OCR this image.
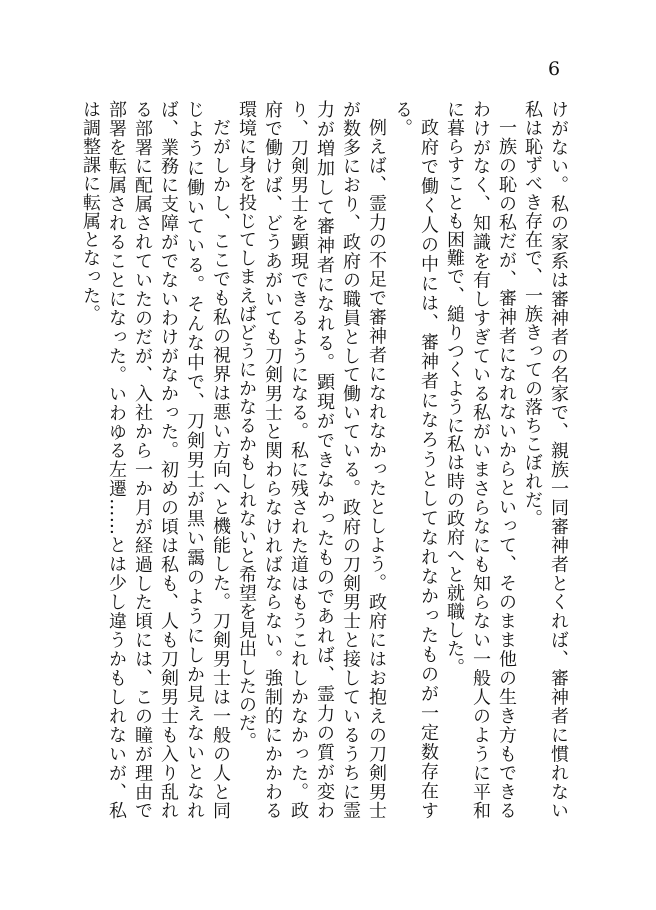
6

けがない。私の家系は審神者の名家で、親族一同審神者とくれば、審神者に慣れない私は恥ずべき存在で、一族きっての落ちこぼれだ。

一族の恥の私だが、審神者になれないからといって、そのまま他の生き方もできるわけがなく、知識を有しすぎている私がいまさらなにも知らない一般人のように平和に暮らすことも困難で、縋りつくように私は時の政府へと就職した。

政府で働く人の中には、審神者になろうとしてなれなかったものが一定数存在する。

例えば、霊力の不足で審神者になれなかったとしよう。政府にはお抱えの刀剣男士が数多におり、政府の職員として働いている。政府の刀剣男士と接しているうちに霊力が増加して審神者になれる。顕現ができなかったものであれば、霊力の質が変わり、刀剣男士を顕現できるようになる。私に残された道はもうこれしかなかった。政府で働けば、どうあがいても刀剣男士と関わらなければならない。強制的にかかわる環境に身を投じてしまえばどうにかなるかもしれないと希望を見出したのだ。

だがしかし、ここでも私の視界は悪い方向へと機能した。刀剣男士は一般の人と同じように働いている。そんな中で、刀剣男士が黒い靄のようにしか見えないとなれば、業務に支障がでないわけがなかった。初めの頃は私も、人も刀剣男士も入り乱れる部署に配属されていたのだが、入社から一か月が経過した頃には、この瞳が理由で部署を転属されることになった。いわゆる左遷……とは少し違うかもしれないが、私は調整課に転属となった。
